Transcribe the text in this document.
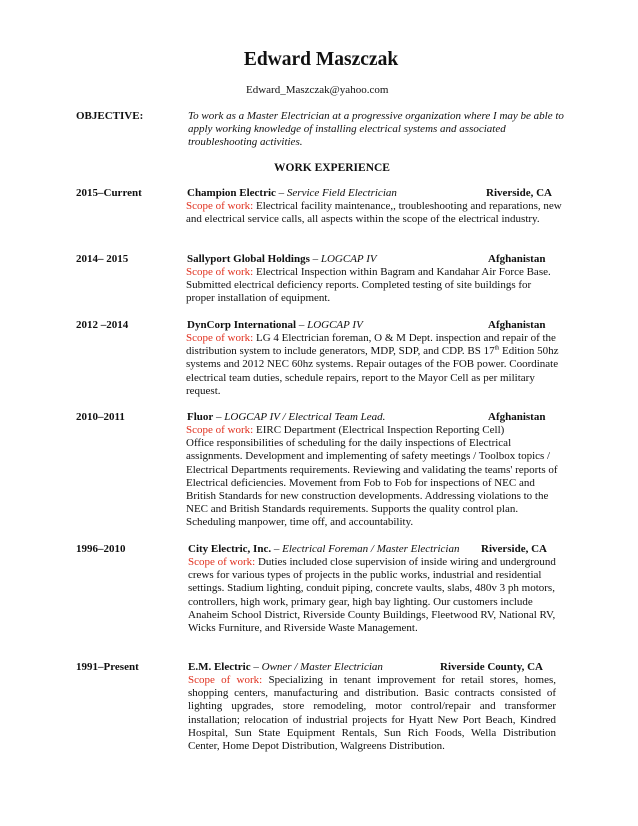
Edward Maszczak
Edward_Maszczak@yahoo.com
OBJECTIVE:	To work as a Master Electrician at a progressive organization where I may be able to apply working knowledge of installing electrical systems and associated troubleshooting activities.
WORK EXPERIENCE
2015–Current	Champion Electric – Service Field Electrician	Riverside, CA
Scope of work: Electrical facility maintenance,, troubleshooting and reparations, new and electrical service calls, all aspects within the scope of the electrical industry.
2014– 2015	Sallyport Global Holdings – LOGCAP IV	Afghanistan
Scope of work: Electrical Inspection within Bagram and Kandahar Air Force Base. Submitted electrical deficiency reports. Completed testing of site buildings for proper installation of equipment.
2012 –2014	DynCorp International – LOGCAP IV	Afghanistan
Scope of work: LG 4 Electrician foreman, O & M Dept. inspection and repair of the distribution system to include generators, MDP, SDP, and CDP. BS 17th Edition 50hz systems and 2012 NEC 60hz systems. Repair outages of the FOB power. Coordinate electrical team duties, schedule repairs, report to the Mayor Cell as per military request.
2010–2011	Fluor – LOGCAP IV / Electrical Team Lead.	Afghanistan
Scope of work: EIRC Department (Electrical Inspection Reporting Cell)
Office responsibilities of scheduling for the daily inspections of Electrical assignments. Development and implementing of safety meetings / Toolbox topics / Electrical Departments requirements. Reviewing and validating the teams' reports of Electrical deficiencies. Movement from Fob to Fob for inspections of NEC and British Standards for new construction developments. Addressing violations to the NEC and British Standards requirements. Supports the quality control plan. Scheduling manpower, time off, and accountability.
1996–2010	City Electric, Inc. – Electrical Foreman / Master Electrician	Riverside, CA
Scope of work: Duties included close supervision of inside wiring and underground crews for various types of projects in the public works, industrial and residential settings. Stadium lighting, conduit piping, concrete vaults, slabs, 480v 3 ph motors, controllers, high work, primary gear, high bay lighting. Our customers include Anaheim School District, Riverside County Buildings, Fleetwood RV, National RV, Wicks Furniture, and Riverside Waste Management.
1991–Present	E.M. Electric – Owner / Master Electrician	Riverside County, CA
Scope of work: Specializing in tenant improvement for retail stores, homes, shopping centers, manufacturing and distribution. Basic contracts consisted of lighting upgrades, store remodeling, motor control/repair and transformer installation; relocation of industrial projects for Hyatt New Port Beach, Kindred Hospital, Sun State Equipment Rentals, Sun Rich Foods, Wella Distribution Center, Home Depot Distribution, Walgreens Distribution.
